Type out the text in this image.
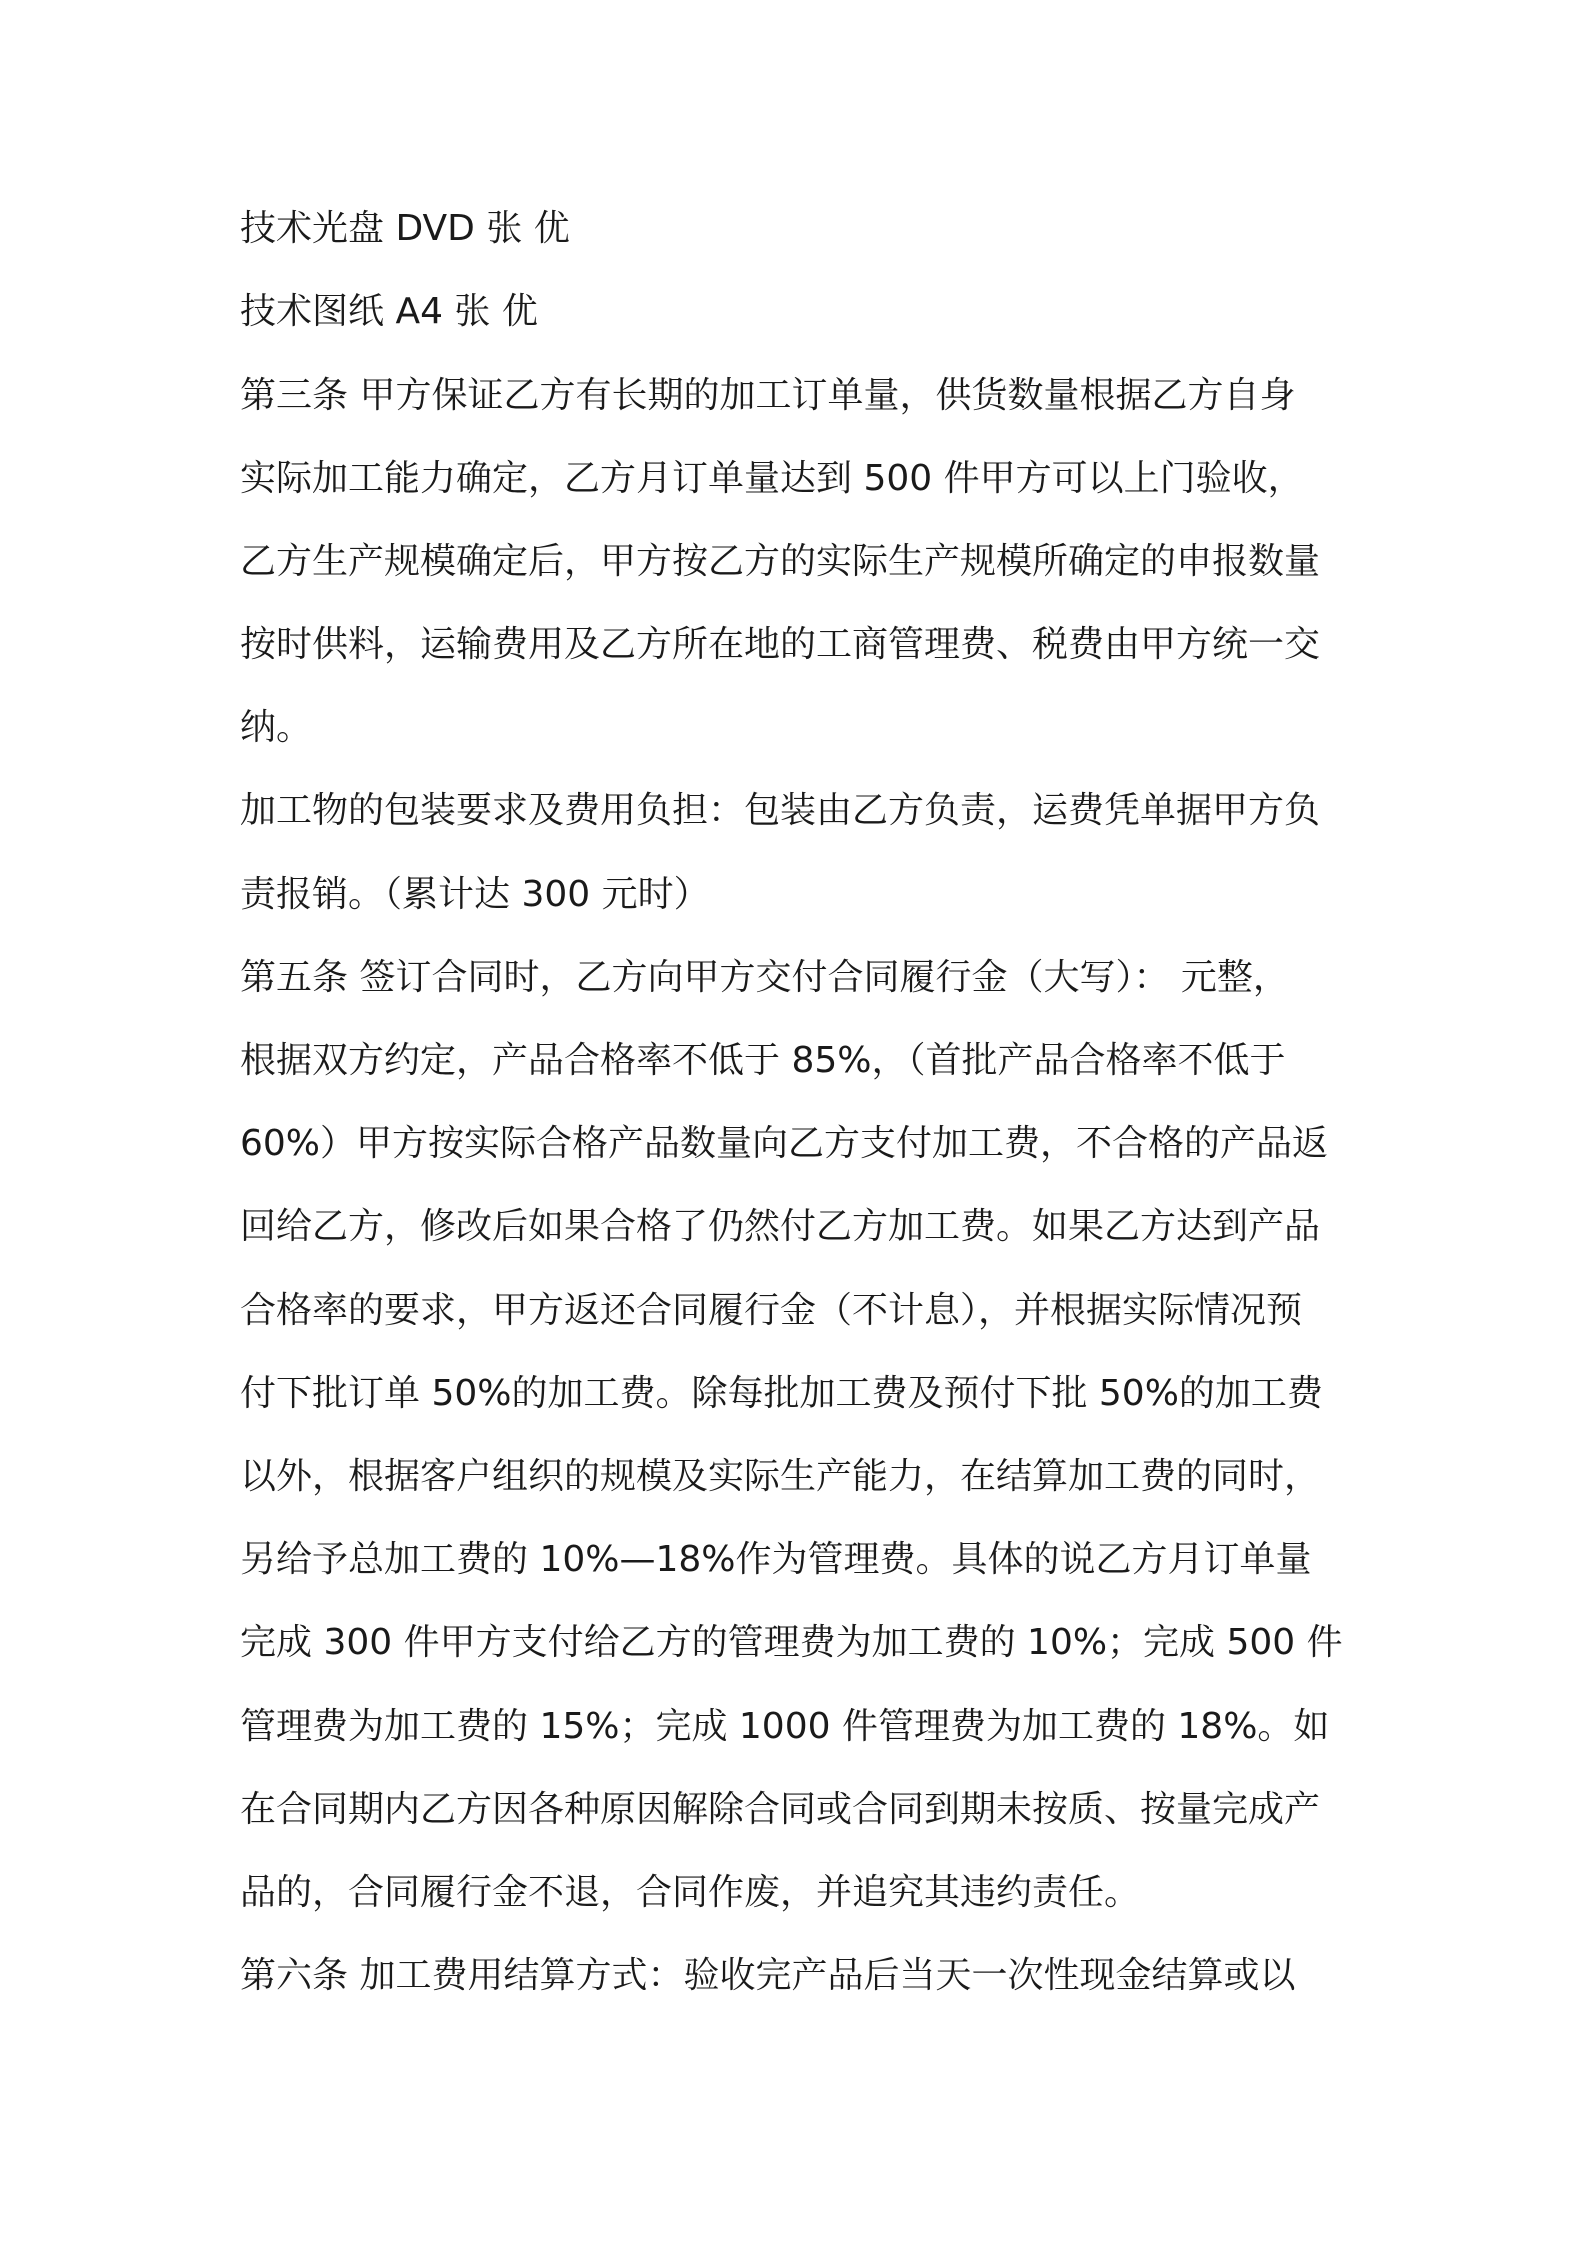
技术光盘 DVD 张 优

技术图纸 A4 张 优

第三条 甲方保证乙方有长期的加工订单量，供货数量根据乙方自身

实际加工能力确定，乙方月订单量达到 500 件甲方可以上门验收，

乙方生产规模确定后，甲方按乙方的实际生产规模所确定的申报数量

按时供料，运输费用及乙方所在地的工商管理费、税费由甲方统一交

纳。

加工物的包装要求及费用负担：包装由乙方负责，运费凭单据甲方负

责报销。（累计达 300 元时）

第五条 签订合同时，乙方向甲方交付合同履行金（大写）： 元整，

根据双方约定，产品合格率不低于 85%，（首批产品合格率不低于

60%）甲方按实际合格产品数量向乙方支付加工费，不合格的产品返

回给乙方，修改后如果合格了仍然付乙方加工费。如果乙方达到产品

合格率的要求，甲方返还合同履行金（不计息），并根据实际情况预

付下批订单 50%的加工费。除每批加工费及预付下批 50%的加工费

以外，根据客户组织的规模及实际生产能力，在结算加工费的同时，

另给予总加工费的 10%—18%作为管理费。具体的说乙方月订单量

完成 300 件甲方支付给乙方的管理费为加工费的 10%；完成 500 件

管理费为加工费的 15%；完成 1000 件管理费为加工费的 18%。如

在合同期内乙方因各种原因解除合同或合同到期未按质、按量完成产

品的，合同履行金不退，合同作废，并追究其违约责任。

第六条 加工费用结算方式：验收完产品后当天一次性现金结算或以
